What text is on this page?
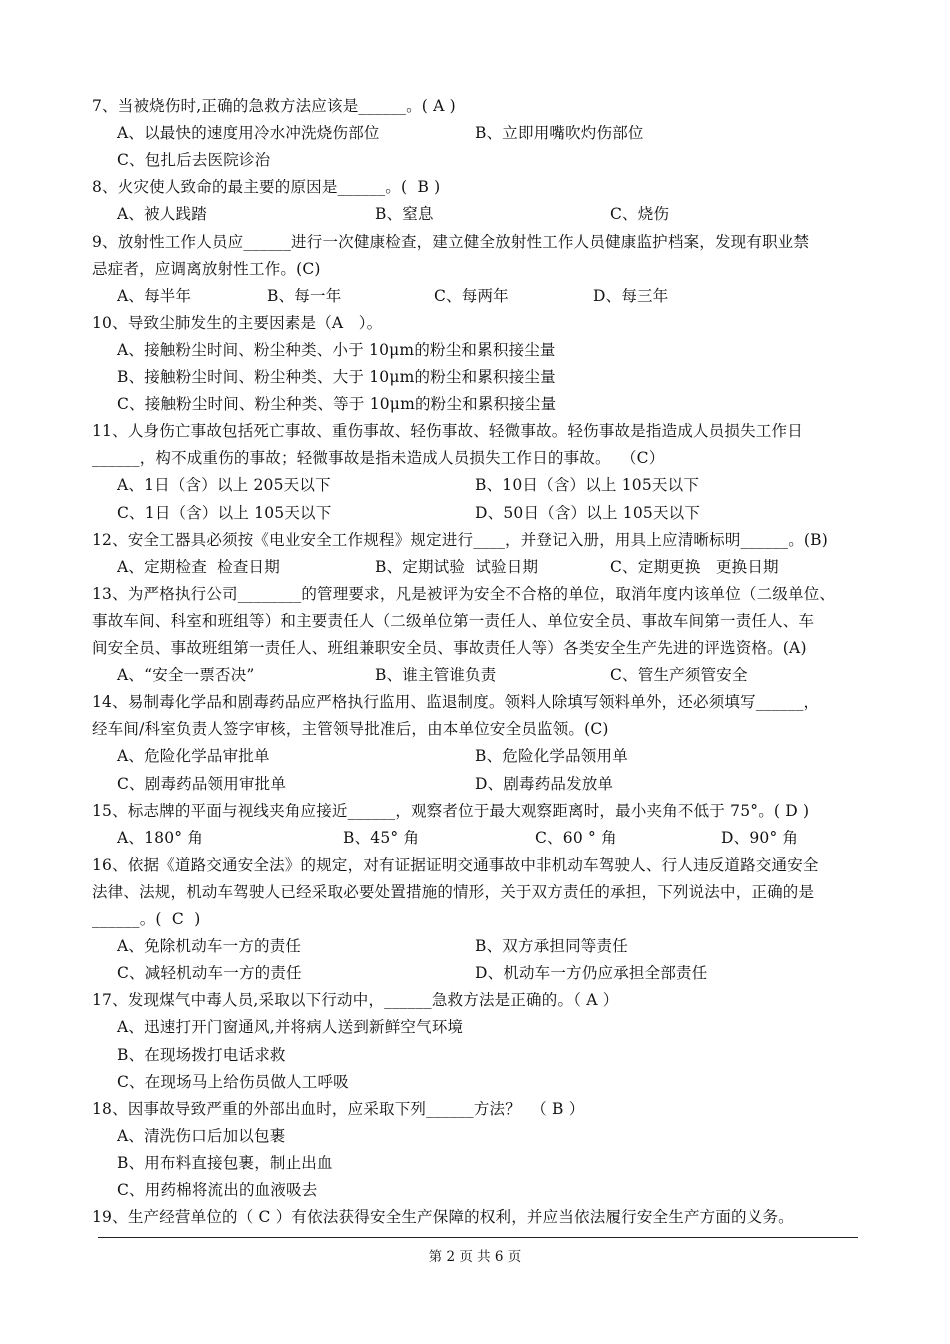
7、当被烧伤时,正确的急救方法应该是______。( A )
A、以最快的速度用冷水冲洗烧伤部位	B、立即用嘴吹灼伤部位
C、包扎后去医院诊治
8、火灾使人致命的最主要的原因是______。(  B )
A、被人践踏	B、窒息	C、烧伤
9、放射性工作人员应______进行一次健康检查，建立健全放射性工作人员健康监护档案，发现有职业禁
忌症者，应调离放射性工作。(C)
A、每半年	B、每一年	C、每两年	D、每三年
10、导致尘肺发生的主要因素是（A   ）。
A、接触粉尘时间、粉尘种类、小于 10μm的粉尘和累积接尘量
B、接触粉尘时间、粉尘种类、大于 10μm的粉尘和累积接尘量
C、接触粉尘时间、粉尘种类、等于 10μm的粉尘和累积接尘量
11、人身伤亡事故包括死亡事故、重伤事故、轻伤事故、轻微事故。轻伤事故是指造成人员损失工作日
______，构不成重伤的事故；轻微事故是指未造成人员损失工作日的事故。  （C）
A、1日（含）以上 205天以下	B、10日（含）以上 105天以下
C、1日（含）以上 105天以下	D、50日（含）以上 105天以下
12、安全工器具必须按《电业安全工作规程》规定进行____，并登记入册，用具上应清晰标明______。(B)
A、定期检查  检查日期	B、定期试验  试验日期	C、定期更换   更换日期
13、为严格执行公司________的管理要求，凡是被评为安全不合格的单位，取消年度内该单位（二级单位、
事故车间、科室和班组等）和主要责任人（二级单位第一责任人、单位安全员、事故车间第一责任人、车
间安全员、事故班组第一责任人、班组兼职安全员、事故责任人等）各类安全生产先进的评选资格。(A)
A、“安全一票否决”	B、谁主管谁负责	C、管生产须管安全
14、易制毒化学品和剧毒药品应严格执行监用、监退制度。领料人除填写领料单外，还必须填写______，
经车间/科室负责人签字审核，主管领导批准后，由本单位安全员监领。(C)
A、危险化学品审批单	B、危险化学品领用单
C、剧毒药品领用审批单	D、剧毒药品发放单
15、标志牌的平面与视线夹角应接近______，观察者位于最大观察距离时，最小夹角不低于 75°。( D )
A、180° 角	B、45° 角	C、60 ° 角	D、90° 角
16、依据《道路交通安全法》的规定，对有证据证明交通事故中非机动车驾驶人、行人违反道路交通安全
法律、法规，机动车驾驶人已经采取必要处置措施的情形，关于双方责任的承担，下列说法中，正确的是
______。(  C  )
A、免除机动车一方的责任	B、双方承担同等责任
C、减轻机动车一方的责任	D、机动车一方仍应承担全部责任
17、发现煤气中毒人员,采取以下行动中，______急救方法是正确的。（ A ）
A、迅速打开门窗通风,并将病人送到新鲜空气环境
B、在现场拨打电话求救
C、在现场马上给伤员做人工呼吸
18、因事故导致严重的外部出血时，应采取下列______方法？  （ B ）
A、清洗伤口后加以包裹
B、用布料直接包裹，制止出血
C、用药棉将流出的血液吸去
19、生产经营单位的（ C ）有依法获得安全生产保障的权利，并应当依法履行安全生产方面的义务。
第 2 页 共 6 页
